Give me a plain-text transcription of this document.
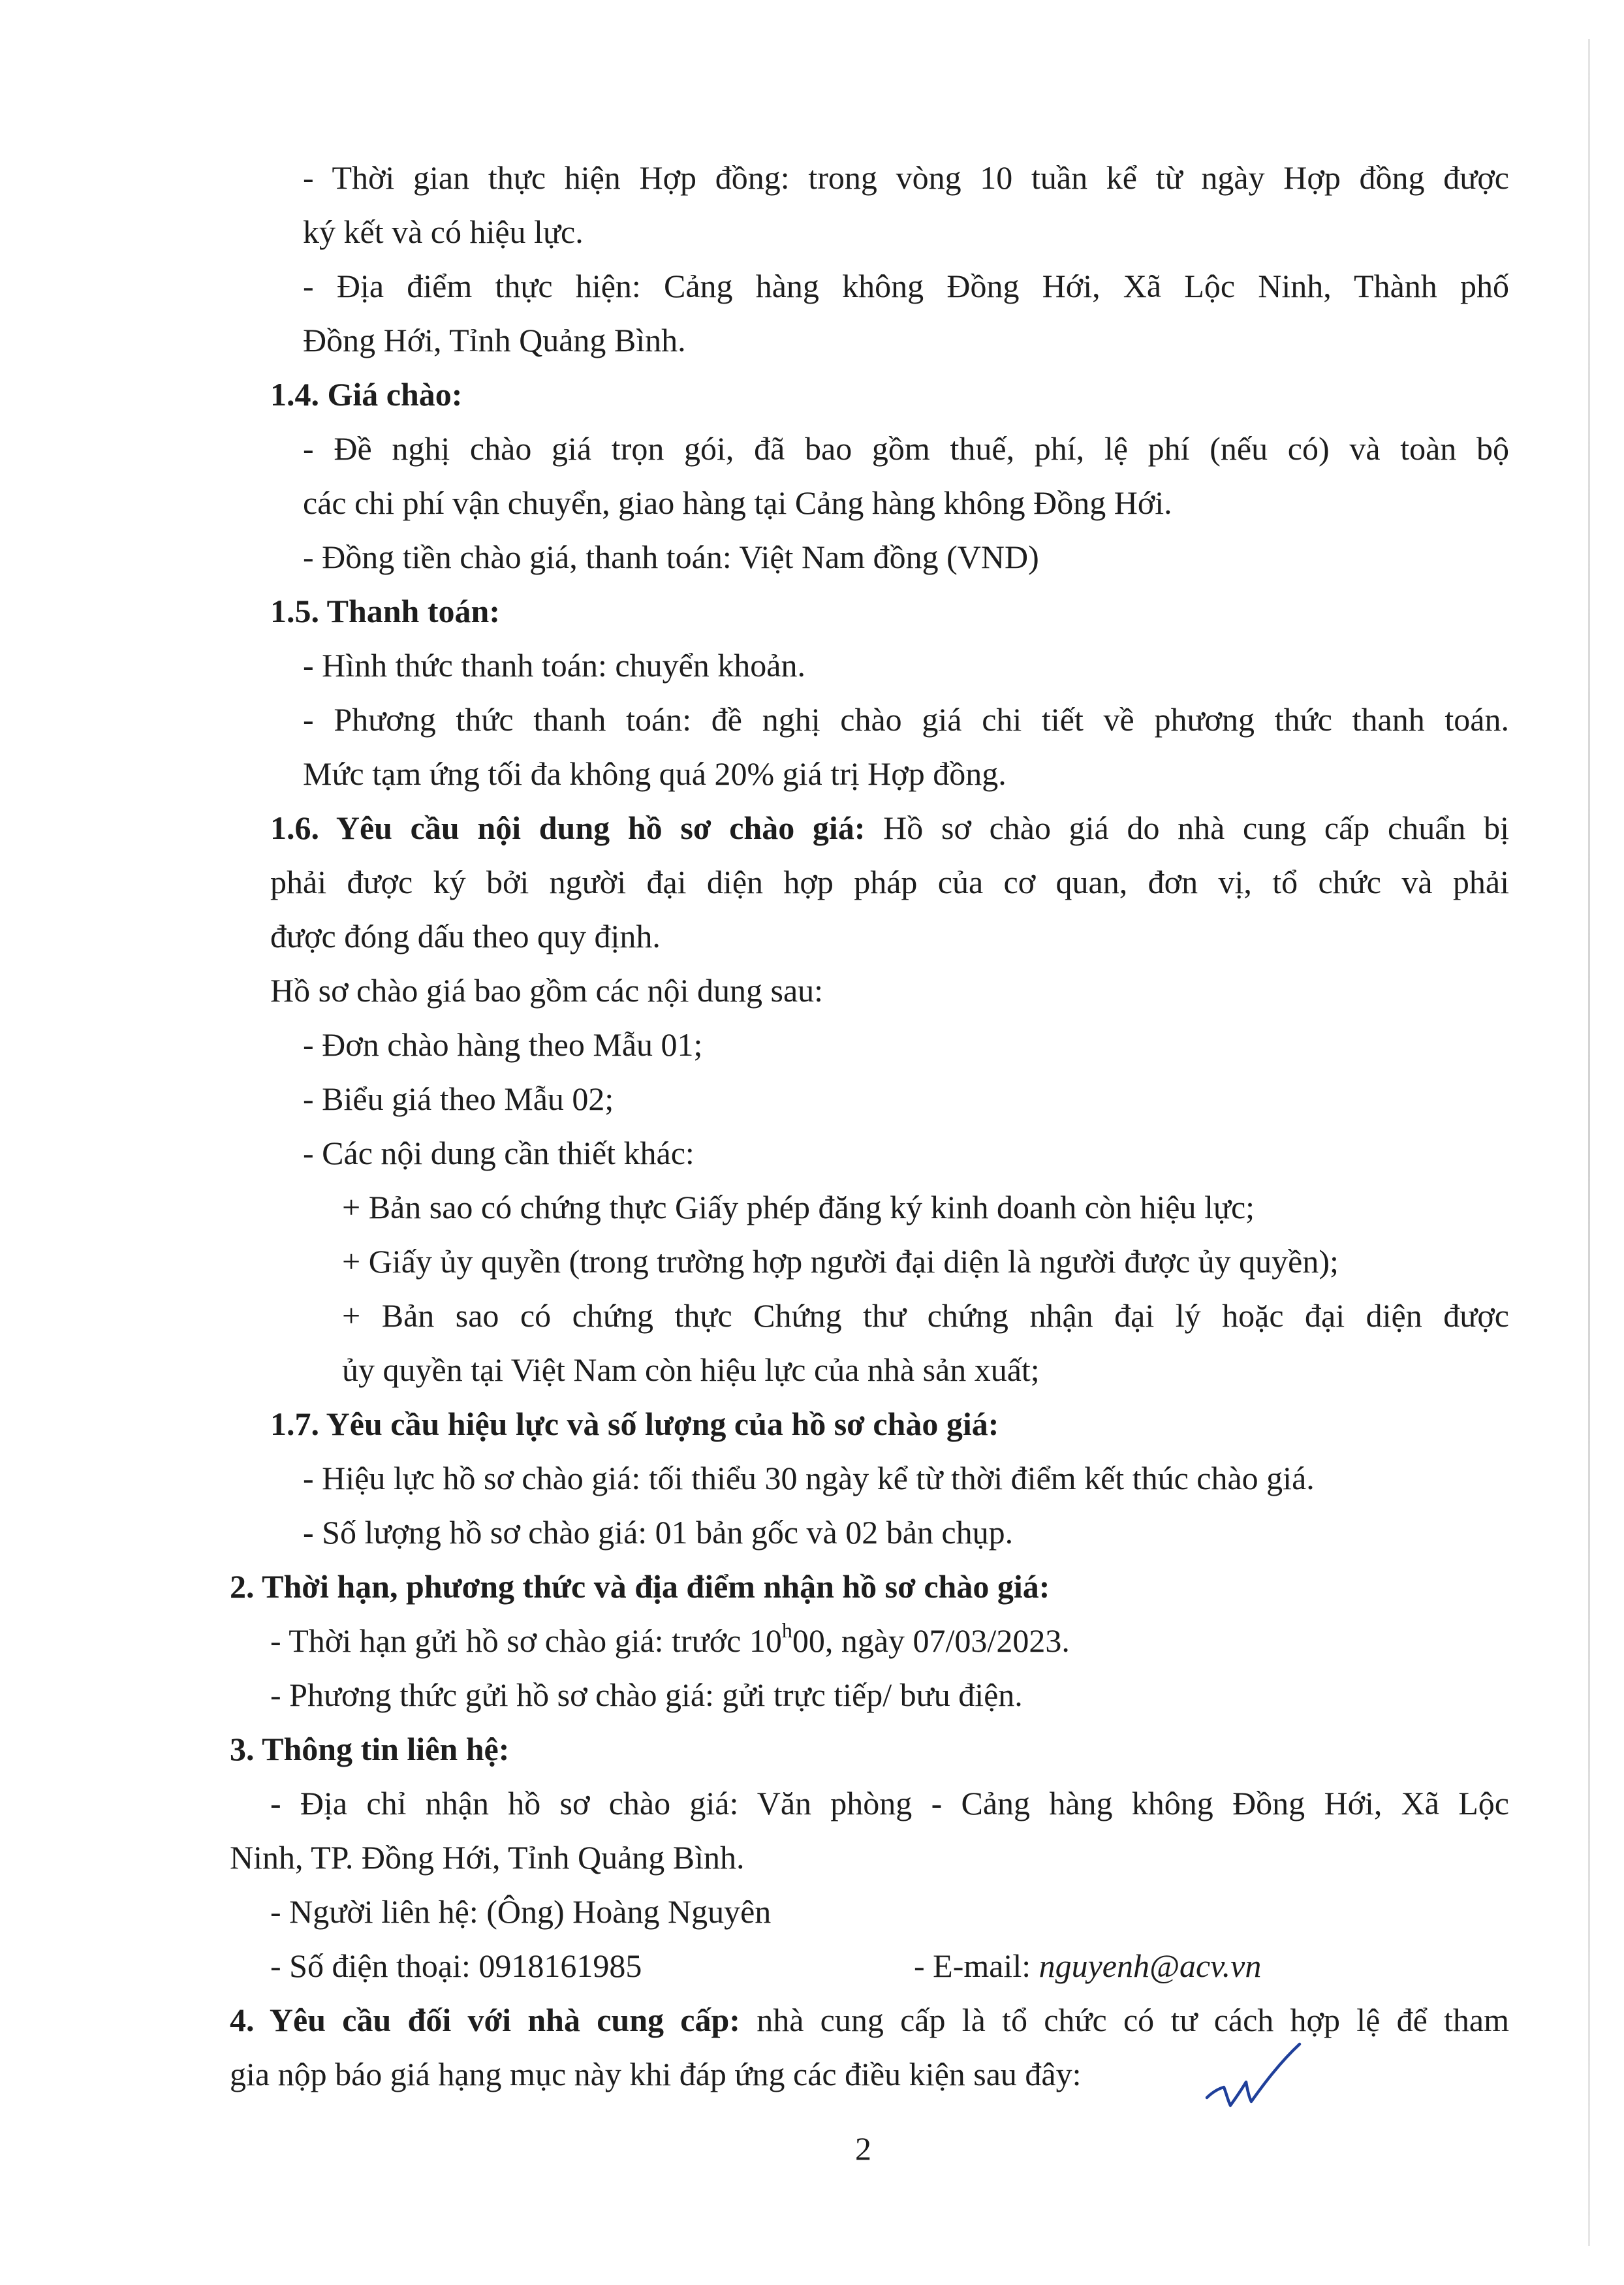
- Thời gian thực hiện Hợp đồng: trong vòng 10 tuần kể từ ngày Hợp đồng được
ký kết và có hiệu lực.
- Địa điểm thực hiện: Cảng hàng không Đồng Hới, Xã Lộc Ninh, Thành phố
Đồng Hới, Tỉnh Quảng Bình.
1.4. Giá chào:
- Đề nghị chào giá trọn gói, đã bao gồm thuế, phí, lệ phí (nếu có) và toàn bộ
các chi phí vận chuyển, giao hàng tại Cảng hàng không Đồng Hới.
- Đồng tiền chào giá, thanh toán: Việt Nam đồng (VND)
1.5. Thanh toán:
- Hình thức thanh toán: chuyển khoản.
- Phương thức thanh toán: đề nghị chào giá chi tiết về phương thức thanh toán.
Mức tạm ứng tối đa không quá 20% giá trị Hợp đồng.
1.6. Yêu cầu nội dung hồ sơ chào giá: Hồ sơ chào giá do nhà cung cấp chuẩn bị
phải được ký bởi người đại diện hợp pháp của cơ quan, đơn vị, tổ chức và phải
được đóng dấu theo quy định.
Hồ sơ chào giá bao gồm các nội dung sau:
- Đơn chào hàng theo Mẫu 01;
- Biểu giá theo Mẫu 02;
- Các nội dung cần thiết khác:
+ Bản sao có chứng thực Giấy phép đăng ký kinh doanh còn hiệu lực;
+ Giấy ủy quyền (trong trường hợp người đại diện là người được ủy quyền);
+ Bản sao có chứng thực Chứng thư chứng nhận đại lý hoặc đại diện được
ủy quyền tại Việt Nam còn hiệu lực của nhà sản xuất;
1.7. Yêu cầu hiệu lực và số lượng của hồ sơ chào giá:
- Hiệu lực hồ sơ chào giá: tối thiểu 30 ngày kể từ thời điểm kết thúc chào giá.
- Số lượng hồ sơ chào giá: 01 bản gốc và 02 bản chụp.
2. Thời hạn, phương thức và địa điểm nhận hồ sơ chào giá:
- Thời hạn gửi hồ sơ chào giá: trước 10$^h$00, ngày 07/03/2023.
- Phương thức gửi hồ sơ chào giá: gửi trực tiếp/ bưu điện.
3. Thông tin liên hệ:
- Địa chỉ nhận hồ sơ chào giá: Văn phòng - Cảng hàng không Đồng Hới, Xã Lộc
Ninh, TP. Đồng Hới, Tỉnh Quảng Bình.
- Người liên hệ: (Ông) Hoàng Nguyên
- Số điện thoại: 0918161985	- E-mail: nguyenh@acv.vn
4. Yêu cầu đối với nhà cung cấp: nhà cung cấp là tổ chức có tư cách hợp lệ để tham
gia nộp báo giá hạng mục này khi đáp ứng các điều kiện sau đây:
2
